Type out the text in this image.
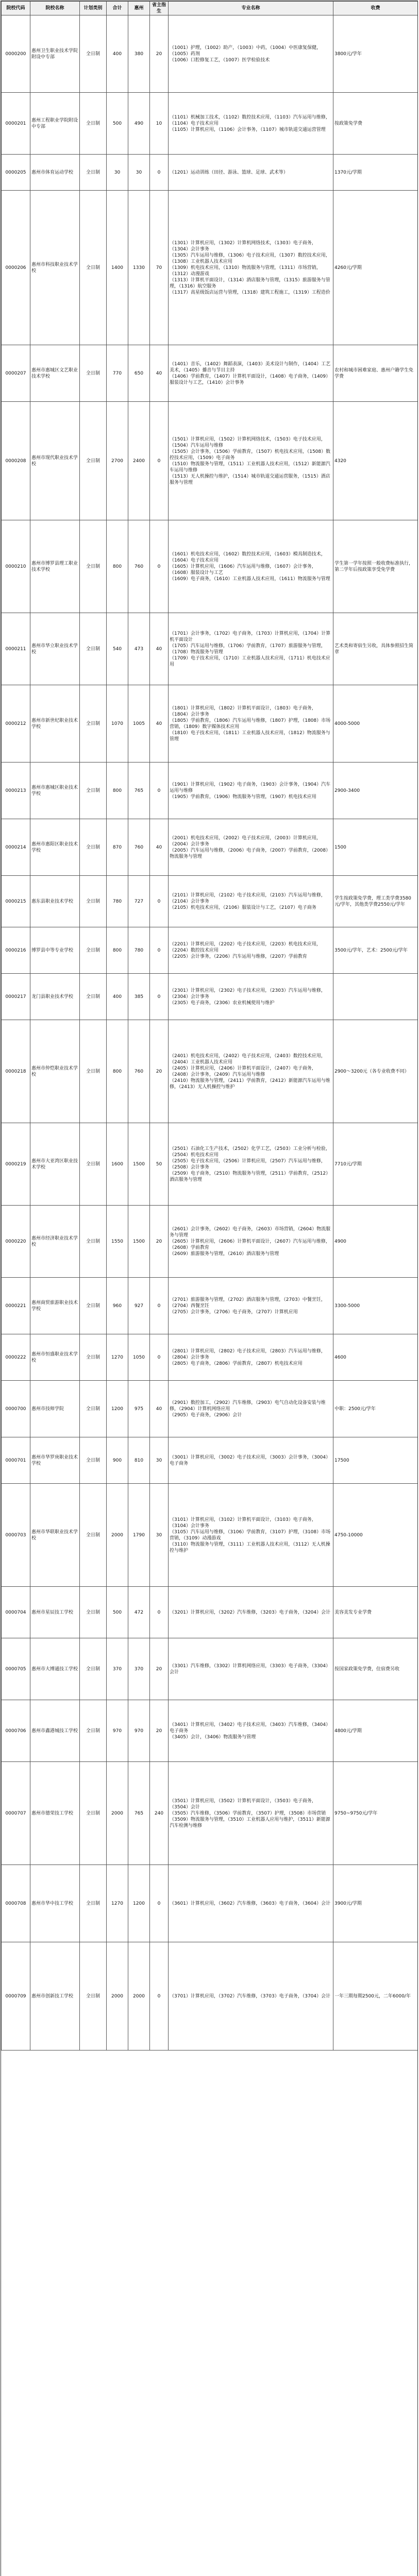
院校代码	院校名称	计划类别	合计	惠州	省主指生	专业名称	收费
0000200	惠州卫生职业技术学院附设中专部	全日制	400	380	20	（1001）护理，（1002）助产，（1003）中药，（1004）中医康复保健，（1005）药剂
（1006）口腔修复工艺，（1007）医学检验技术	3800元/学年
0000201	惠州工程职业学院附设中专部	全日制	500	490	10	（1101）机械加工技术，（1102）数控技术应用，（1103）汽车运用与维修，（1104）电子技术应用
（1105）计算机应用，（1106）会计事务，（1107）城市轨道交通运营管理	按政策免学费
0000205	惠州市体育运动学校	全日制	30	30	0	（1201）运动训练（田径、游泳、篮球、足球、武术等）	1370元/学期
0000206	惠州市科技职业技术学校	全日制	1400	1330	70	（1301）计算机应用，（1302）计算机网络技术，（1303）电子商务，（1304）会计事务
（1305）汽车运用与维修，（1306）电子技术应用，（1307）数控技术应用，（1308）工业机器人技术应用
（1309）机电技术应用，（1310）物流服务与管理，（1311）市场营销，（1312）动漫游戏
（1313）计算机平面设计，（1314）酒店服务与管理，（1315）旅游服务与管理，（1316）航空服务
（1317）高星级饭店运营与管理，（1318）建筑工程施工，（1319）工程造价	4260元/学期
0000207	惠州市惠城区文艺职业技术学校	全日制	770	650	40	（1401）音乐，（1402）舞蹈表演，（1403）美术设计与制作，（1404）工艺美术，（1405）播音与节目主持
（1406）学前教育，（1407）计算机平面设计，（1408）电子商务，（1409）服装设计与工艺，（1410）会计事务	农村和城市困难家庭、惠州户籍学生免学费
0000208	惠州市现代职业技术学校	全日制	2700	2400	0	（1501）计算机应用，（1502）计算机网络技术，（1503）电子技术应用，（1504）汽车运用与维修
（1505）会计事务，（1506）学前教育，（1507）机电技术应用，（1508）数控技术应用，（1509）电子商务
（1510）物流服务与管理，（1511）工业机器人技术应用，（1512）新能源汽车运用与维修
（1513）无人机操控与维护，（1514）城市轨道交通运营服务，（1515）酒店服务与管理	4320
0000210	惠州市博罗县理工职业技术学校	全日制	800	760	0	（1601）机电技术应用，（1602）数控技术应用，（1603）模具制造技术，（1604）电子技术应用
（1605）计算机应用，（1606）汽车运用与维修，（1607）会计事务，（1608）服装设计与工艺
（1609）电子商务，（1610）工业机器人技术应用，（1611）物流服务与管理	学生第一学年按照一般收费标准执行，第二学年后按政策享受免学费
0000211	惠州市华立职业技术学校	全日制	540	473	40	（1701）会计事务，（1702）电子商务，（1703）计算机应用，（1704）计算机平面设计
（1705）汽车运用与维修，（1706）学前教育，（1707）旅游服务与管理，（1708）物流服务与管理
（1709）电子技术应用，（1710）工业机器人技术应用，（1711）机电技术应用	艺术类和寄宿生另收，具体参照招生简章
0000212	惠州市新世纪职业技术学校	全日制	1070	1005	40	（1801）计算机应用，（1802）计算机平面设计，（1803）电子商务，（1804）会计事务
（1805）学前教育，（1806）汽车运用与维修，（1807）护理，（1808）市场营销，（1809）数字媒体技术应用
（1810）电子技术应用，（1811）工业机器人技术应用，（1812）物流服务与管理	4000-5000
0000213	惠州市惠城区职业技术学校	全日制	800	765	0	（1901）计算机应用，（1902）电子商务，（1903）会计事务，（1904）汽车运用与维修
（1905）学前教育，（1906）物流服务与管理，（1907）机电技术应用	2900-3400
0000214	惠州市惠阳区职业技术学校	全日制	870	760	40	（2001）机电技术应用，（2002）电子技术应用，（2003）计算机应用，（2004）会计事务
（2005）汽车运用与维修，（2006）电子商务，（2007）学前教育，（2008）物流服务与管理	1500
0000215	惠东县职业技术学校	全日制	780	727	0	（2101）计算机应用，（2102）电子技术应用，（2103）汽车运用与维修，（2104）会计事务
（2105）机电技术应用，（2106）服装设计与工艺，（2107）电子商务	学生按政策免学费，理工类学费3580元/学年，其他类学费2550元/学年
0000216	博罗县中等专业学校	全日制	800	780	0	（2201）计算机应用，（2202）电子技术应用，（2203）机电技术应用，（2204）数控技术应用
（2205）会计事务，（2206）汽车运用与维修，（2207）学前教育	3500元/学年，艺术：2500元/学年
0000217	龙门县职业技术学校	全日制	400	385	0	（2301）计算机应用，（2302）电子技术应用，（2303）汽车运用与维修，（2304）会计事务
（2305）电子商务，（2306）农业机械使用与维护	

0000218	惠州市仲恺职业技术学校	全日制	800	760	20	（2401）机电技术应用，（2402）电子技术应用，（2403）数控技术应用，（2404）工业机器人技术应用
（2405）计算机应用，（2406）计算机平面设计，（2407）电子商务，（2408）会计事务，（2409）汽车运用与维修
（2410）物流服务与管理，（2411）学前教育，（2412）新能源汽车运用与维修，（2413）无人机操控与维护	2900～3200元（各专业收费不同）
0000219	惠州市大亚湾区职业技术学校	全日制	1600	1500	50	（2501）石油化工生产技术，（2502）化学工艺，（2503）工业分析与检验，（2504）机电技术应用
（2505）电子技术应用，（2506）计算机应用，（2507）汽车运用与维修，（2508）会计事务
（2509）电子商务，（2510）物流服务与管理，（2511）学前教育，（2512）酒店服务与管理	7710元/学期
0000220	惠州市经济职业技术学校	全日制	1550	1500	20	（2601）会计事务，（2602）电子商务，（2603）市场营销，（2604）物流服务与管理
（2605）计算机应用，（2606）计算机平面设计，（2607）汽车运用与维修，（2608）学前教育
（2609）旅游服务与管理，（2610）酒店服务与管理	4900
0000221	惠州商贸旅游职业技术学校	全日制	960	927	0	（2701）旅游服务与管理，（2702）酒店服务与管理，（2703）中餐烹饪，（2704）西餐烹饪
（2705）会计事务，（2706）电子商务，（2707）计算机应用	3300-5000
0000222	惠州市恒盛职业技术学校	全日制	1270	1050	0	（2801）计算机应用，（2802）电子技术应用，（2803）汽车运用与维修，（2804）会计事务
（2805）电子商务，（2806）学前教育，（2807）机电技术应用	4600
0000700	惠州市技师学院	全日制	1200	975	40	（2901）数控加工，（2902）汽车维修，（2903）电气自动化设备安装与维修，（2904）计算机网络应用
（2905）电子商务，（2906）会计	中职：2500元/学年
0000701	惠州市华罗庚职业技术学校	全日制	900	810	30	（3001）计算机应用，（3002）电子技术应用，（3003）会计事务，（3004）电子商务	17500
0000703	惠州市华联职业技术学校	全日制	2000	1790	30	（3101）计算机应用，（3102）计算机平面设计，（3103）电子商务，（3104）会计事务
（3105）汽车运用与维修，（3106）学前教育，（3107）护理，（3108）市场营销，（3109）动漫游戏
（3110）物流服务与管理，（3111）工业机器人技术应用，（3112）无人机操控与维护	4750-10000
0000704	惠州市星辰技工学校	全日制	500	472	0	（3201）计算机应用，（3202）汽车维修，（3203）电子商务，（3204）会计	美容美发专业学费
0000705	惠州市大博通技工学校	全日制	370	370	20	（3301）汽车维修，（3302）计算机网络应用，（3303）电子商务，（3304）会计	按国家政策免学费，住宿费另收
0000706	惠州市鑫港城技工学校	全日制	970	970	20	（3401）计算机应用，（3402）电子技术应用，（3403）汽车维修，（3404）电子商务
（3405）会计，（3406）物流服务与管理	4800元/学期
0000707	惠州市德荣技工学校	全日制	2000	765	240	（3501）计算机应用，（3502）计算机平面设计，（3503）电子商务，（3504）会计
（3505）汽车维修，（3506）学前教育，（3507）护理，（3508）市场营销
（3509）物流服务与管理，（3510）工业机器人应用与维护，（3511）新能源汽车检测与维修	9750~9750元/学年
0000708	惠州市华中技工学校	全日制	1270	1200	0	（3601）计算机应用，（3602）汽车维修，（3603）电子商务，（3604）会计	3900元/学期
0000709	惠州市创新技工学校	全日制	2000	2000	0	（3701）计算机应用，（3702）汽车维修，（3703）电子商务，（3704）会计	一年三期每期2500元，二年6000/年
